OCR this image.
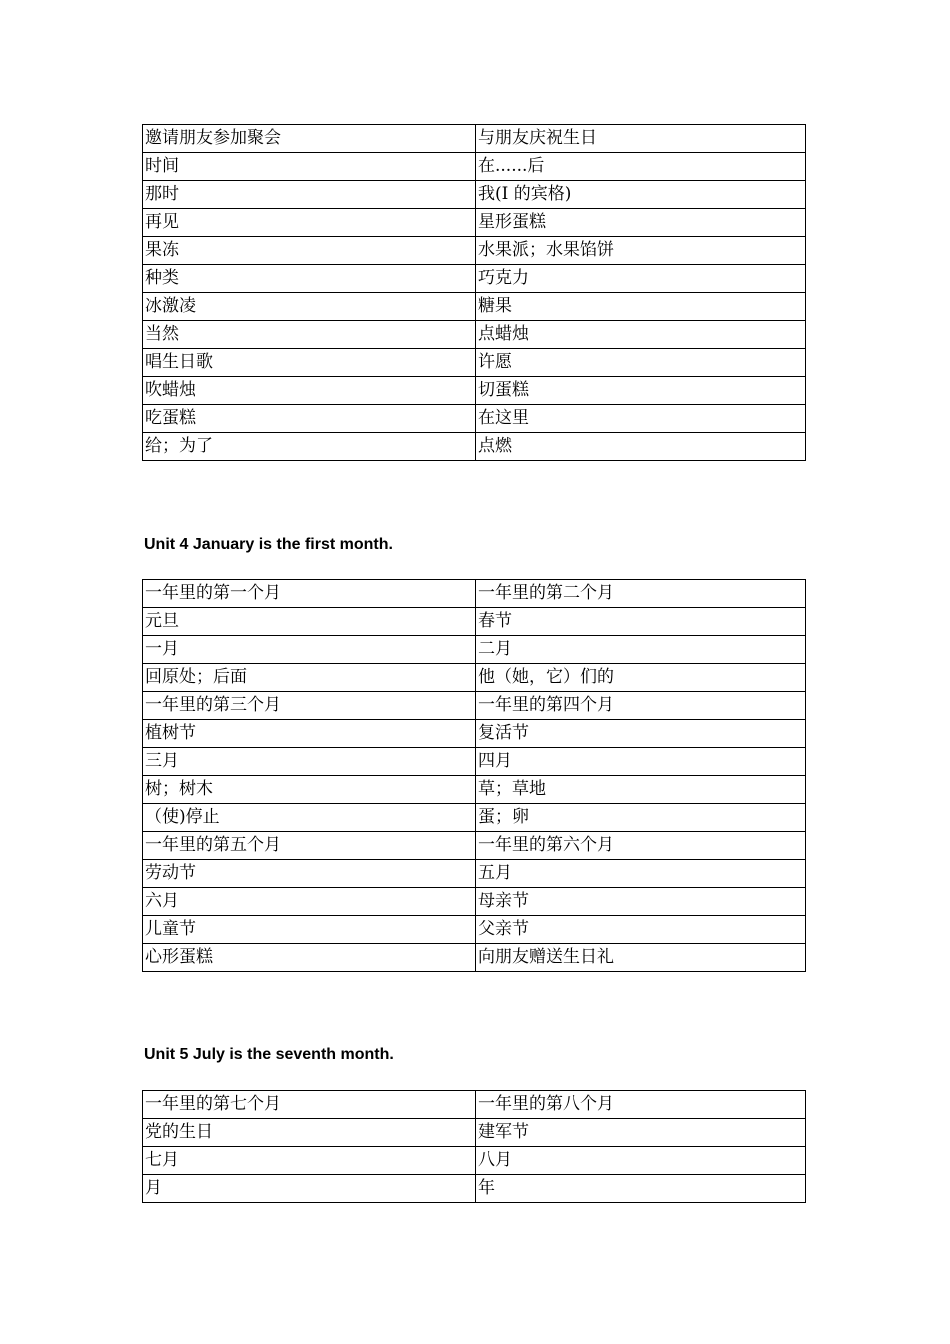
邀请朋友参加聚会	与朋友庆祝生日
时间	在......后
那时	我(I 的宾格)
再见	星形蛋糕
果冻	水果派；水果馅饼
种类	巧克力
冰激凌	糖果
当然	点蜡烛
唱生日歌	许愿
吹蜡烛	切蛋糕
吃蛋糕	在这里
给；为了	点燃
Unit 4 January is the first month.
一年里的第一个月	一年里的第二个月
元旦	春节
一月	二月
回原处；后面	他（她，它）们的
一年里的第三个月	一年里的第四个月
植树节	复活节
三月	四月
树；树木	草；草地
（使)停止	蛋；卵
一年里的第五个月	一年里的第六个月
劳动节	五月
六月	母亲节
儿童节	父亲节
心形蛋糕	向朋友赠送生日礼
Unit 5 July is the seventh month.
一年里的第七个月	一年里的第八个月
党的生日	建军节
七月	八月
月	年
